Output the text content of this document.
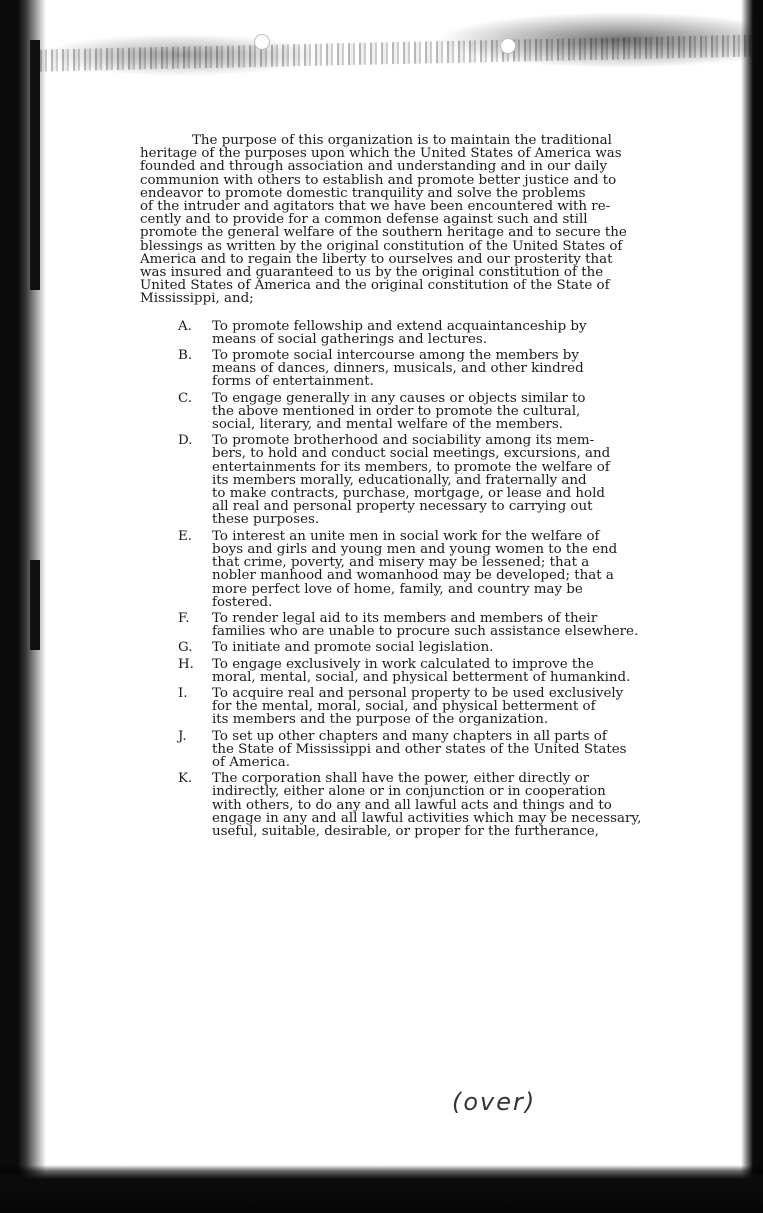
The purpose of this organization is to maintain the traditional
heritage of the purposes upon which the United States of America was
founded and through association and understanding and in our daily
communion with others to establish and promote better justice and to
endeavor to promote domestic tranquility and solve the problems
of the intruder and agitators that we have been encountered with re-
cently and to provide for a common defense against such and still
promote the general welfare of the southern heritage and to secure the
blessings as written by the original constitution of the United States of
America and to regain the liberty to ourselves and our prosterity that
was insured and guaranteed to us by the original constitution of the
United States of America and the original constitution of the State of
Mississippi, and;

A. To promote fellowship and extend acquaintanceship by
means of social gatherings and lectures.
B. To promote social intercourse among the members by
means of dances, dinners, musicals, and other kindred
forms of entertainment.
C. To engage generally in any causes or objects similar to
the above mentioned in order to promote the cultural,
social, literary, and mental welfare of the members.
D. To promote brotherhood and sociability among its mem-
bers, to hold and conduct social meetings, excursions, and
entertainments for its members, to promote the welfare of
its members morally, educationally, and fraternally and
to make contracts, purchase, mortgage, or lease and hold
all real and personal property necessary to carrying out
these purposes.
E. To interest an unite men in social work for the welfare of
boys and girls and young men and young women to the end
that crime, poverty, and misery may be lessened; that a
nobler manhood and womanhood may be developed; that a
more perfect love of home, family, and country may be
fostered.
F. To render legal aid to its members and members of their
families who are unable to procure such assistance elsewhere.
G. To initiate and promote social legislation.
H. To engage exclusively in work calculated to improve the
moral, mental, social, and physical betterment of humankind.
I. To acquire real and personal property to be used exclusively
for the mental, moral, social, and physical betterment of
its members and the purpose of the organization.
J. To set up other chapters and many chapters in all parts of
the State of Mississippi and other states of the United States
of America.
K. The corporation shall have the power, either directly or
indirectly, either alone or in conjunction or in cooperation
with others, to do any and all lawful acts and things and to
engage in any and all lawful activities which may be necessary,
useful, suitable, desirable, or proper for the furtherance,
(over)
